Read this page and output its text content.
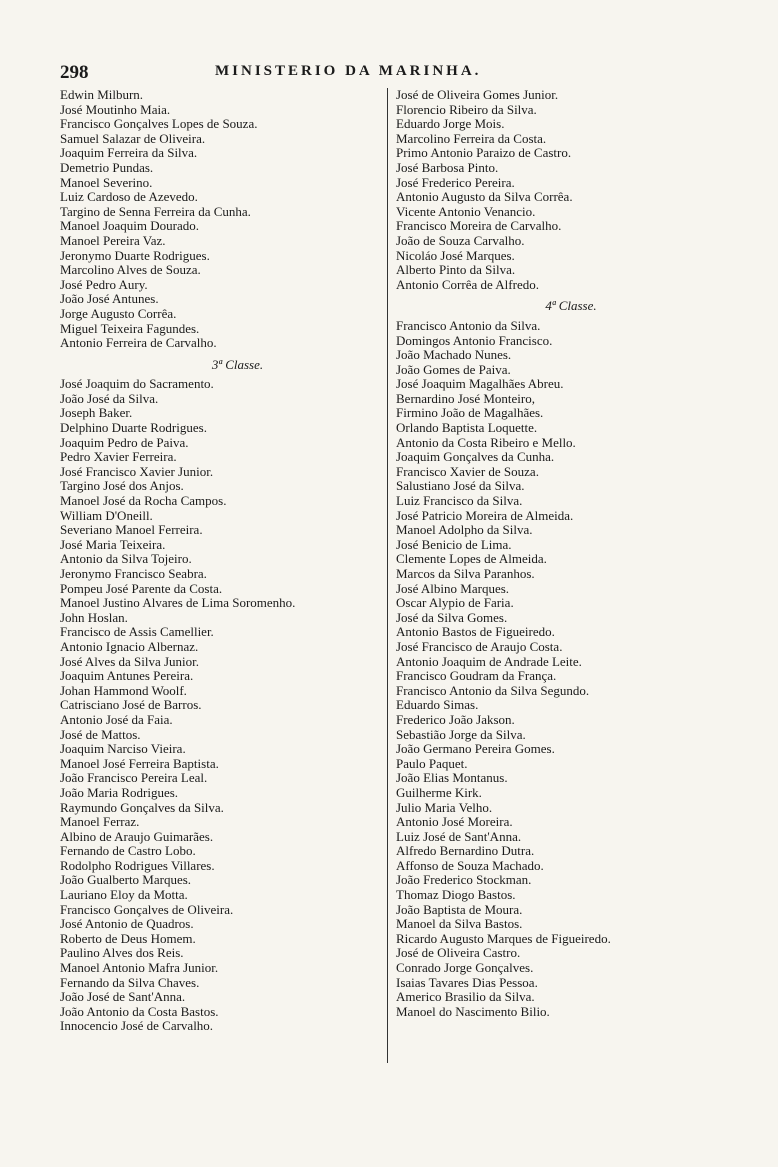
298	MINISTERIO DA MARINHA.
Edwin Milburn.
José Moutinho Maia.
Francisco Gonçalves Lopes de Souza.
Samuel Salazar de Oliveira.
Joaquim Ferreira da Silva.
Demetrio Pundas.
Manoel Severino.
Luiz Cardoso de Azevedo.
Targino de Senna Ferreira da Cunha.
Manoel Joaquim Dourado.
Manoel Pereira Vaz.
Jeronymo Duarte Rodrigues.
Marcolino Alves de Souza.
José Pedro Aury.
João José Antunes.
Jorge Augusto Corrêa.
Miguel Teixeira Fagundes.
Antonio Ferreira de Carvalho.
3ª Classe.
José Joaquim do Sacramento.
João José da Silva.
Joseph Baker.
Delphino Duarte Rodrigues.
Joaquim Pedro de Paiva.
Pedro Xavier Ferreira.
José Francisco Xavier Junior.
Targino José dos Anjos.
Manoel José da Rocha Campos.
William D'Oneill.
Severiano Manoel Ferreira.
José Maria Teixeira.
Antonio da Silva Tojeiro.
Jeronymo Francisco Seabra.
Pompeu José Parente da Costa.
Manoel Justino Alvares de Lima Soromenho.
John Hoslan.
Francisco de Assis Camellier.
Antonio Ignacio Albernaz.
José Alves da Silva Junior.
Joaquim Antunes Pereira.
Johan Hammond Woolf.
Catrisciano José de Barros.
Antonio José da Faia.
José de Mattos.
Joaquim Narciso Vieira.
Manoel José Ferreira Baptista.
João Francisco Pereira Leal.
João Maria Rodrigues.
Raymundo Gonçalves da Silva.
Manoel Ferraz.
Albino de Araujo Guimarães.
Fernando de Castro Lobo.
Rodolpho Rodrigues Villares.
João Gualberto Marques.
Lauriano Eloy da Motta.
Francisco Gonçalves de Oliveira.
José Antonio de Quadros.
Roberto de Deus Homem.
Paulino Alves dos Reis.
Manoel Antonio Mafra Junior.
Fernando da Silva Chaves.
João José de Sant'Anna.
João Antonio da Costa Bastos.
Innocencio José de Carvalho.
José de Oliveira Gomes Junior.
Florencio Ribeiro da Silva.
Eduardo Jorge Mois.
Marcolino Ferreira da Costa.
Primo Antonio Paraizo de Castro.
José Barbosa Pinto.
José Frederico Pereira.
Antonio Augusto da Silva Corrêa.
Vicente Antonio Venancio.
Francisco Moreira de Carvalho.
João de Souza Carvalho.
Nicoláo José Marques.
Alberto Pinto da Silva.
Antonio Corrêa de Alfredo.
4ª Classe.
Francisco Antonio da Silva.
Domingos Antonio Francisco.
João Machado Nunes.
João Gomes de Paiva.
José Joaquim Magalhães Abreu.
Bernardino José Monteiro,
Firmino João de Magalhães.
Orlando Baptista Loquette.
Antonio da Costa Ribeiro e Mello.
Joaquim Gonçalves da Cunha.
Francisco Xavier de Souza.
Salustiano José da Silva.
Luiz Francisco da Silva.
José Patricio Moreira de Almeida.
Manoel Adolpho da Silva.
José Benicio de Lima.
Clemente Lopes de Almeida.
Marcos da Silva Paranhos.
José Albino Marques.
Oscar Alypio de Faria.
José da Silva Gomes.
Antonio Bastos de Figueiredo.
José Francisco de Araujo Costa.
Antonio Joaquim de Andrade Leite.
Francisco Goudram da França.
Francisco Antonio da Silva Segundo.
Eduardo Simas.
Frederico João Jakson.
Sebastião Jorge da Silva.
João Germano Pereira Gomes.
Paulo Paquet.
João Elias Montanus.
Guilherme Kirk.
Julio Maria Velho.
Antonio José Moreira.
Luiz José de Sant'Anna.
Alfredo Bernardino Dutra.
Affonso de Souza Machado.
João Frederico Stockman.
Thomaz Diogo Bastos.
João Baptista de Moura.
Manoel da Silva Bastos.
Ricardo Augusto Marques de Figueiredo.
José de Oliveira Castro.
Conrado Jorge Gonçalves.
Isaias Tavares Dias Pessoa.
Americo Brasilio da Silva.
Manoel do Nascimento Bilio.
